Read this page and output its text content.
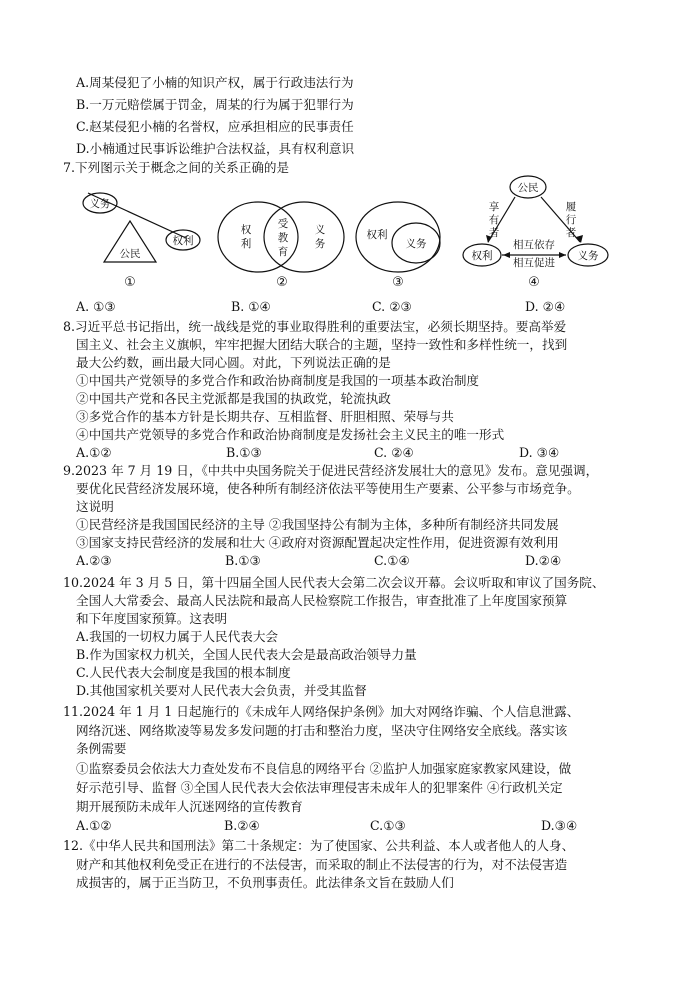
A.周某侵犯了小楠的知识产权，属于行政违法行为
B.一万元赔偿属于罚金，周某的行为属于犯罪行为
C.赵某侵犯小楠的名誉权，应承担相应的民事责任
D.小楠通过民事诉讼维护合法权益，具有权利意识
7.下列图示关于概念之间的关系正确的是
义务
权利
公民
权
利
受
教
育
义
务
权利
义务
公民
权利	义务
享
有
者
履
行
者
相互依存
相互促进
①	②	③	④
A. ①③	B. ①④	C. ②③	D. ②④
8.习近平总书记指出，统一战线是党的事业取得胜利的重要法宝，必须长期坚持。要高举爱
国主义、社会主义旗帜，牢牢把握大团结大联合的主题，坚持一致性和多样性统一，找到
最大公约数，画出最大同心圆。对此，下列说法正确的是
①中国共产党领导的多党合作和政治协商制度是我国的一项基本政治制度
②中国共产党和各民主党派都是我国的执政党，轮流执政
③多党合作的基本方针是长期共存、互相监督、肝胆相照、荣辱与共
④中国共产党领导的多党合作和政治协商制度是发扬社会主义民主的唯一形式
A.①②	B.①③	C. ②④	D. ③④
9.2023 年 7 月 19 日，《中共中央国务院关于促进民营经济发展壮大的意见》发布。意见强调，
要优化民营经济发展环境，使各种所有制经济依法平等使用生产要素、公平参与市场竞争。
这说明
①民营经济是我国国民经济的主导 ②我国坚持公有制为主体，多种所有制经济共同发展
③国家支持民营经济的发展和壮大 ④政府对资源配置起决定性作用，促进资源有效利用
A.②③	B.①③	C.①④	D.②④
10.2024 年 3 月 5 日，第十四届全国人民代表大会第二次会议开幕。会议听取和审议了国务院、
全国人大常委会、最高人民法院和最高人民检察院工作报告，审查批准了上年度国家预算
和下年度国家预算。这表明
A.我国的一切权力属于人民代表大会
B.作为国家权力机关，全国人民代表大会是最高政治领导力量
C.人民代表大会制度是我国的根本制度
D.其他国家机关要对人民代表大会负责，并受其监督
11.2024 年 1 月 1 日起施行的《未成年人网络保护条例》加大对网络诈骗、个人信息泄露、
网络沉迷、网络欺凌等易发多发问题的打击和整治力度，坚决守住网络安全底线。落实该
条例需要
①监察委员会依法大力查处发布不良信息的网络平台 ②监护人加强家庭家教家风建设，做
好示范引导、监督 ③全国人民代表大会依法审理侵害未成年人的犯罪案件 ④行政机关定
期开展预防未成年人沉迷网络的宣传教育
A.①②	B.②④	C.①③	D.③④
12.《中华人民共和国刑法》第二十条规定：为了使国家、公共利益、本人或者他人的人身、
财产和其他权利免受正在进行的不法侵害，而采取的制止不法侵害的行为，对不法侵害造
成损害的，属于正当防卫，不负刑事责任。此法律条文旨在鼓励人们
